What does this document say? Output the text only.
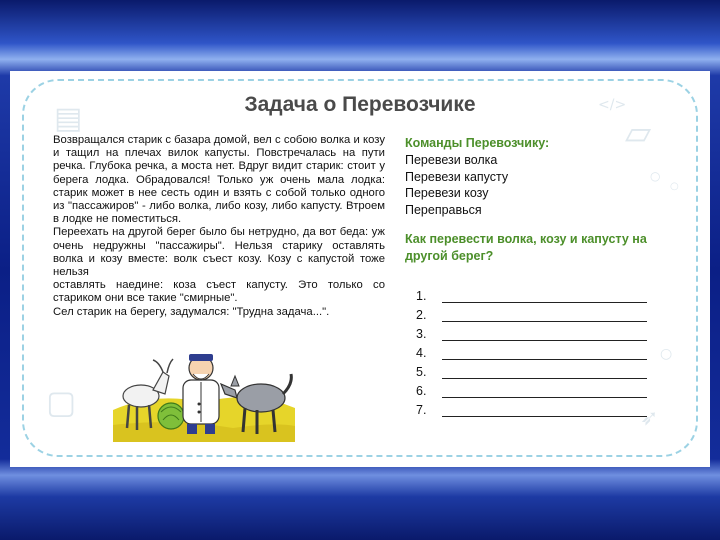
▤	</>
▱
○
○
○
▢	➶
Задача о Перевозчике

Возвращался старик с базара домой, вел с собою волка и козу и тащил на плечах вилок капусты. Повстречалась на пути речка. Глубока речка, а моста нет. Вдруг видит старик: стоит у берега лодка. Обрадовался! Только уж очень мала лодка: старик может в нее сесть один и взять с собой только одного из "пассажиров" - либо волка, либо козу, либо капусту. Втроем в лодке не поместиться.

Переехать на другой берег было бы нетрудно, да вот беда: уж очень недружны "пассажиры". Нельзя старику оставлять волка и козу вместе: волк съест козу. Козу с капустой тоже нельзя

оставлять наедине: коза съест капусту. Это только со стариком они все такие "смирные".

Сел старик на берегу, задумался: "Трудна задача...".

Команды Перевозчику:
Перевези волка
Перевези капусту
Перевези козу
Переправься
Как перевести волка, козу и капусту на другой берег?
1.
2.
3.
4.
5.
6.
7.
